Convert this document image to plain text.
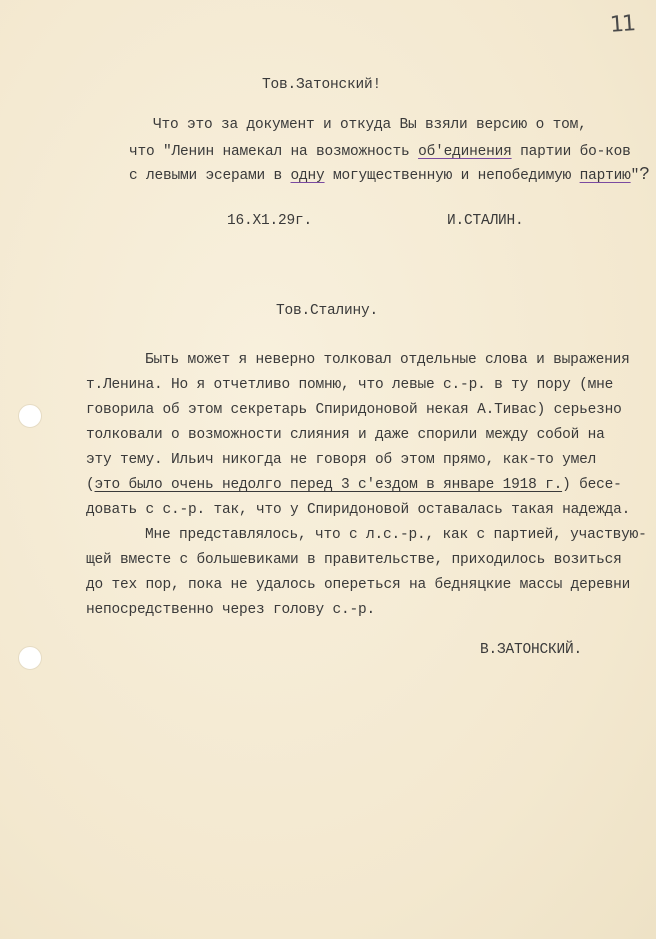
11
Тов.Затонский!
Что это за документ и откуда Вы взяли версию о том,
что "Ленин намекал на возможность об'единения партии бо-ков
с левыми эсерами в одну могущественную и непобедимую партию"?
16.Х1.29г.	И.СТАЛИН.
Тов.Сталину.
Быть может я неверно толковал отдельные слова и выражения
т.Ленина. Но я отчетливо помню, что левые с.-р. в ту пору (мне
говорила об этом секретарь Спиридоновой некая А.Тивас) серьезно
толковали о возможности слияния и даже спорили между собой на
эту тему. Ильич никогда не говоря об этом прямо, как-то умел
(это было очень недолго перед 3 с'ездом в январе 1918 г.) бесе-
довать с с.-р. так, что у Спиридоновой оставалась такая надежда.
Мне представлялось, что с л.с.-р., как с партией, участвую-
щей вместе с большевиками в правительстве, приходилось возиться
до тех пор, пока не удалось опереться на бедняцкие массы деревни
непосредственно через голову с.-р.
В.ЗАТОНСКИЙ.
